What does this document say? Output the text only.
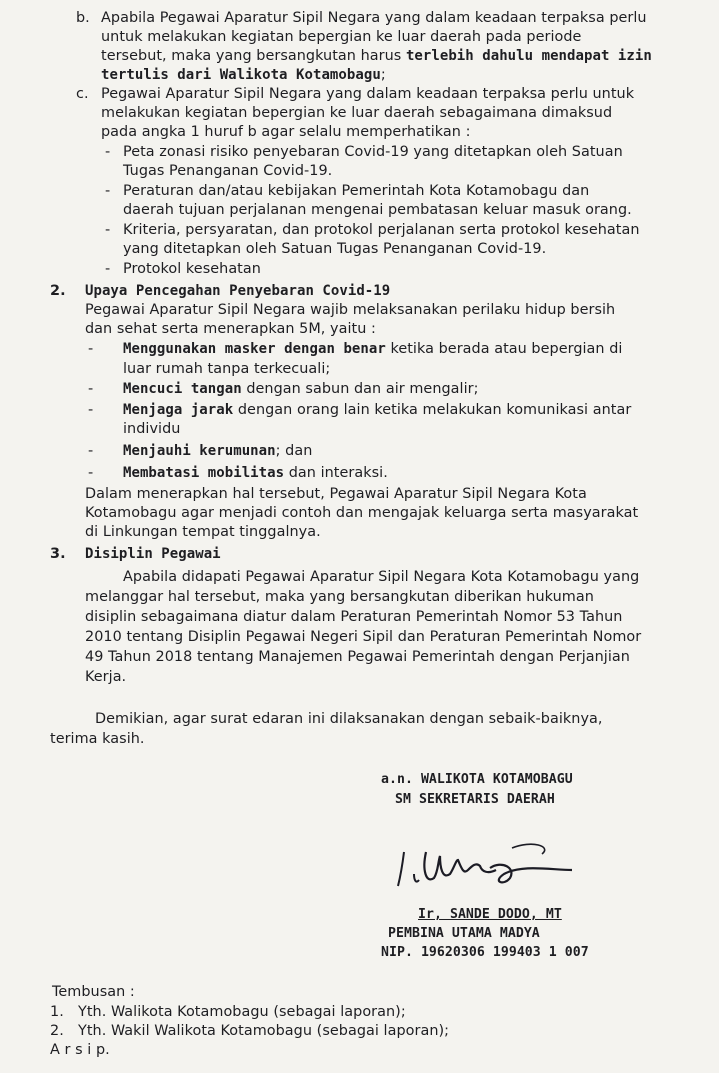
b. Apabila Pegawai Aparatur Sipil Negara yang dalam keadaan terpaksa perlu
untuk melakukan kegiatan bepergian ke luar daerah pada periode
tersebut, maka yang bersangkutan harus terlebih dahulu mendapat izin
tertulis dari Walikota Kotamobagu;
c. Pegawai Aparatur Sipil Negara yang dalam keadaan terpaksa perlu untuk
melakukan kegiatan bepergian ke luar daerah sebagaimana dimaksud
pada angka 1 huruf b agar selalu memperhatikan :
- Peta zonasi risiko penyebaran Covid-19 yang ditetapkan oleh Satuan
Tugas Penanganan Covid-19.
- Peraturan dan/atau kebijakan Pemerintah Kota Kotamobagu dan
daerah tujuan perjalanan mengenai pembatasan keluar masuk orang.
- Kriteria, persyaratan, dan protokol perjalanan serta protokol kesehatan
yang ditetapkan oleh Satuan Tugas Penanganan Covid-19.
- Protokol kesehatan
2. Upaya Pencegahan Penyebaran Covid-19
Pegawai Aparatur Sipil Negara wajib melaksanakan perilaku hidup bersih
dan sehat serta menerapkan 5M, yaitu :
- Menggunakan masker dengan benar ketika berada atau bepergian di
luar rumah tanpa terkecuali;
- Mencuci tangan dengan sabun dan air mengalir;
- Menjaga jarak dengan orang lain ketika melakukan komunikasi antar
individu
- Menjauhi kerumunan; dan
- Membatasi mobilitas dan interaksi.
Dalam menerapkan hal tersebut, Pegawai Aparatur Sipil Negara Kota
Kotamobagu agar menjadi contoh dan mengajak keluarga serta masyarakat
di Linkungan tempat tinggalnya.
3. Disiplin Pegawai
Apabila didapati Pegawai Aparatur Sipil Negara Kota Kotamobagu yang
melanggar hal tersebut, maka yang bersangkutan diberikan hukuman
disiplin sebagaimana diatur dalam Peraturan Pemerintah Nomor 53 Tahun
2010 tentang Disiplin Pegawai Negeri Sipil dan Peraturan Pemerintah Nomor
49 Tahun 2018 tentang Manajemen Pegawai Pemerintah dengan Perjanjian
Kerja.
Demikian, agar surat edaran ini dilaksanakan dengan sebaik-baiknya,
terima kasih.
a.n. WALIKOTA KOTAMOBAGU
SM SEKRETARIS DAERAH
Ir, SANDE DODO, MT
PEMBINA UTAMA MADYA
NIP. 19620306 199403 1 007
Tembusan :
1. Yth. Walikota Kotamobagu (sebagai laporan);
2. Yth. Wakil Walikota Kotamobagu (sebagai laporan);
A r s i p.
